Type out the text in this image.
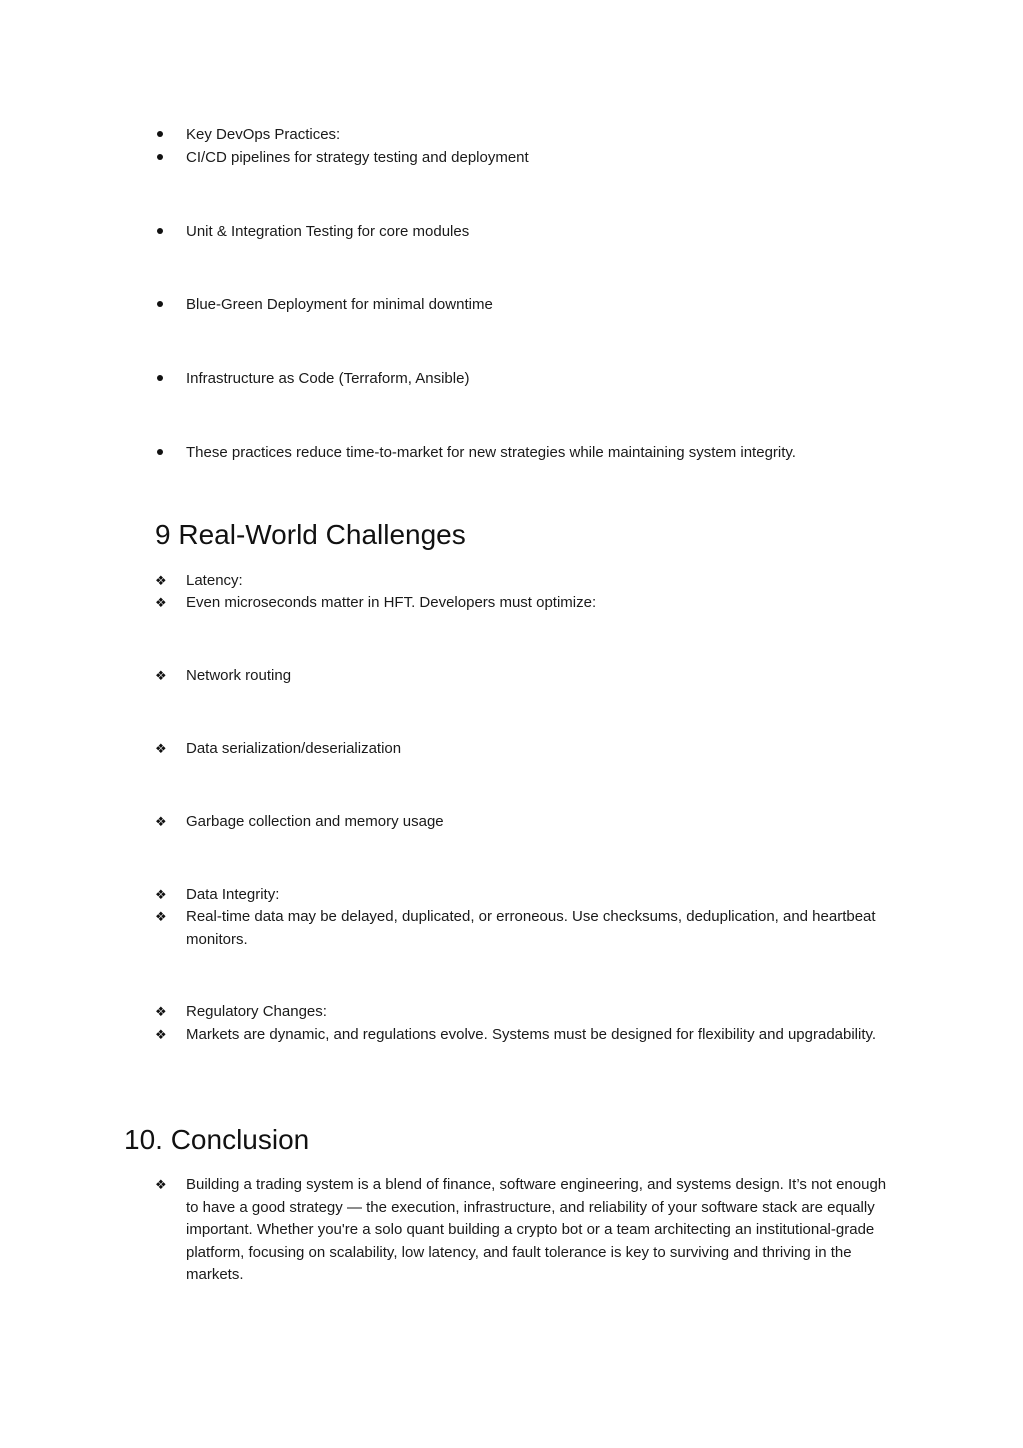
Key DevOps Practices:
CI/CD pipelines for strategy testing and deployment
Unit & Integration Testing for core modules
Blue-Green Deployment for minimal downtime
Infrastructure as Code (Terraform, Ansible)
These practices reduce time-to-market for new strategies while maintaining system integrity.
9 Real-World Challenges
❖	Latency:
❖	Even microseconds matter in HFT. Developers must optimize:
❖	Network routing
❖	Data serialization/deserialization
❖	Garbage collection and memory usage
❖	Data Integrity:
❖	Real-time data may be delayed, duplicated, or erroneous. Use checksums, deduplication, and heartbeat monitors.
❖	Regulatory Changes:
❖	Markets are dynamic, and regulations evolve. Systems must be designed for flexibility and upgradability.
10. Conclusion
❖	Building a trading system is a blend of finance, software engineering, and systems design. It’s not enough to have a good strategy — the execution, infrastructure, and reliability of your software stack are equally important. Whether you're a solo quant building a crypto bot or a team architecting an institutional-grade platform, focusing on scalability, low latency, and fault tolerance is key to surviving and thriving in the markets.
